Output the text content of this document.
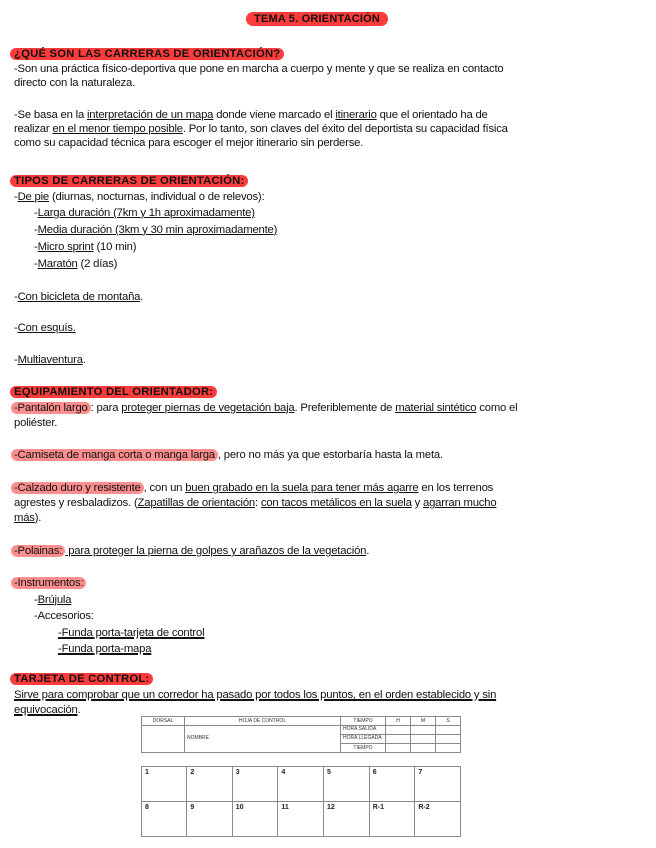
TEMA 5. ORIENTACIÓN
¿QUÉ SON LAS CARRERAS DE ORIENTACIÓN?
-Son una práctica físico-deportiva que pone en marcha a cuerpo y mente y que se realiza en contacto
directo con la naturaleza.
-Se basa en la interpretación de un mapa donde viene marcado el itinerario que el orientado ha de
realizar en el menor tiempo posible. Por lo tanto, son claves del éxito del deportista su capacidad física
como su capacidad técnica para escoger el mejor itinerario sin perderse.
TIPOS DE CARRERAS DE ORIENTACIÓN:
-De pie (diurnas, nocturnas, individual o de relevos):
-Larga duración (7km y 1h aproximadamente)
-Media duración (3km y 30 min aproximadamente)
-Micro sprint (10 min)
-Maratón (2 días)
-Con bicicleta de montaña.
-Con esquís.
-Multiaventura.
EQUIPAMIENTO DEL ORIENTADOR:
-Pantalón largo : para proteger piernas de vegetación baja. Preferiblemente de material sintético como el
poliéster.
-Camiseta de manga corta o manga larga , pero no más ya que estorbaría hasta la meta.
-Calzado duro y resistente , con un buen grabado en la suela para tener más agarre en los terrenos
agrestes y resbaladizos. (Zapatillas de orientación: con tacos metálicos en la suela y agarran mucho
más).
-Polainas: para proteger la pierna de golpes y arañazos de la vegetación.
-Instrumentos:
-Brújula
-Accesorios:
-Funda porta-tarjeta de control
-Funda porta-mapa
TARJETA DE CONTROL:
Sirve para comprobar que un corredor ha pasado por todos los puntos, en el orden establecido y sin
equivocación.
DORSAL	HOJA DE CONTROL		TIEMPO	H	M	S

	NOMBRE		HORA SALIDA			
			HORA LLEGADA			
			TIEMPO			
1	2	3	4	5	6	7
8	9	10	11	12	R-1	R-2
